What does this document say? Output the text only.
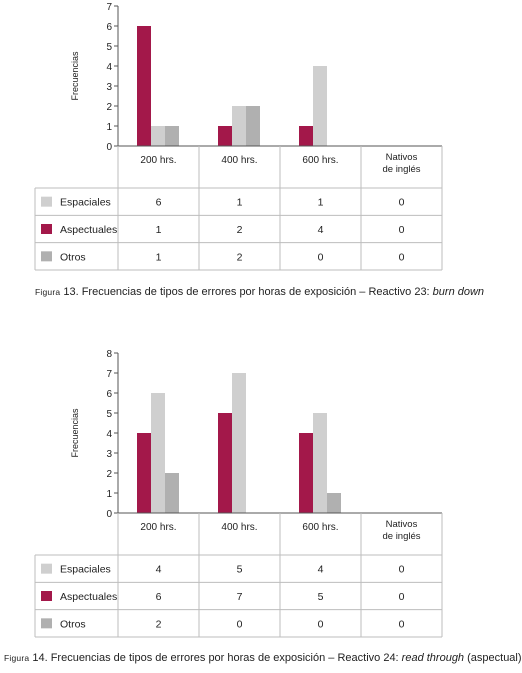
0
1
2
3
4
5
6
7
Frecuencias
200 hrs.	400 hrs.	600 hrs.	Nativos
de inglés
Espaciales	6	1	1	0
Aspectuales	1	2	4	0
Otros	1	2	0	0
Figura 13. Frecuencias de tipos de errores por horas de exposición – Reactivo 23: burn down
0
1
2
3
4
5
6
7
8
Frecuencias
200 hrs.	400 hrs.	600 hrs.	Nativos
de inglés
Espaciales	4	5	4	0
Aspectuales	6	7	5	0
Otros	2	0	0	0
Figura 14. Frecuencias de tipos de errores por horas de exposición – Reactivo 24: read through (aspectual)
